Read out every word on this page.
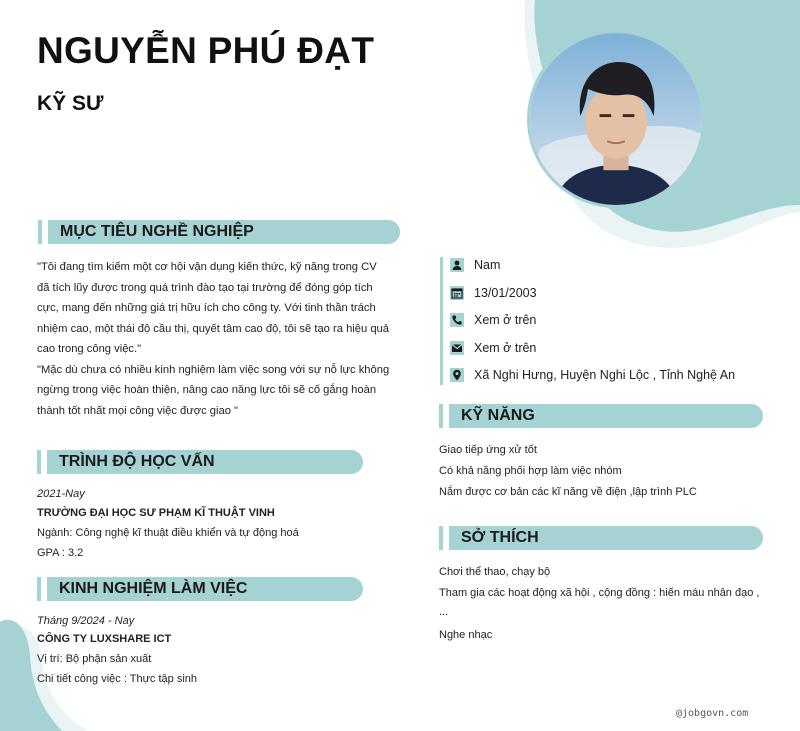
NGUYỄN PHÚ ĐẠT
KỸ SƯ
MỤC TIÊU NGHỀ NGHIỆP

"Tôi đang tìm kiếm một cơ hội vận dụng kiến thức, kỹ năng trong CV đã tích lũy được trong quá trình đào tạo tại trường để đóng góp tích cực, mang đến những giá trị hữu ích cho công ty. Với tinh thần trách nhiệm cao, một thái độ cầu thị, quyết tâm cao độ, tôi sẽ tạo ra hiệu quả cao trong công việc."

"Mặc dù chưa có nhiều kinh nghiệm làm việc song với sự nỗ lực không ngừng trong việc hoàn thiện, nâng cao năng lực tôi sẽ cố gắng hoàn thành tốt nhất mọi công việc được giao "

TRÌNH ĐỘ HỌC VẤN
2021-Nay
TRƯỜNG ĐẠI HỌC SƯ PHẠM KĨ THUẬT VINH
Ngành: Công nghệ kĩ thuật điều khiển và tự động hoá
GPA : 3.2
KINH NGHIỆM LÀM VIỆC
Tháng 9/2024 - Nay
CÔNG TY LUXSHARE ICT
Vị trí: Bộ phận sản xuất
Chi tiết công việc : Thực tập sinh
Nam
13/01/2003
Xem ở trên
Xem ở trên
Xã Nghi Hưng, Huyện Nghi Lộc , Tỉnh Nghệ An
KỸ NĂNG
Giao tiếp ứng xử tốt
Có khả năng phối hợp làm việc nhóm
Nắm được cơ bản các kĩ năng về điện ,lập trình PLC
SỞ THÍCH
Chơi thể thao, chạy bộ
Tham gia các hoạt động xã hội , cộng đồng : hiến máu nhân đạo ,
...
Nghe nhạc
@jobgovn.com
